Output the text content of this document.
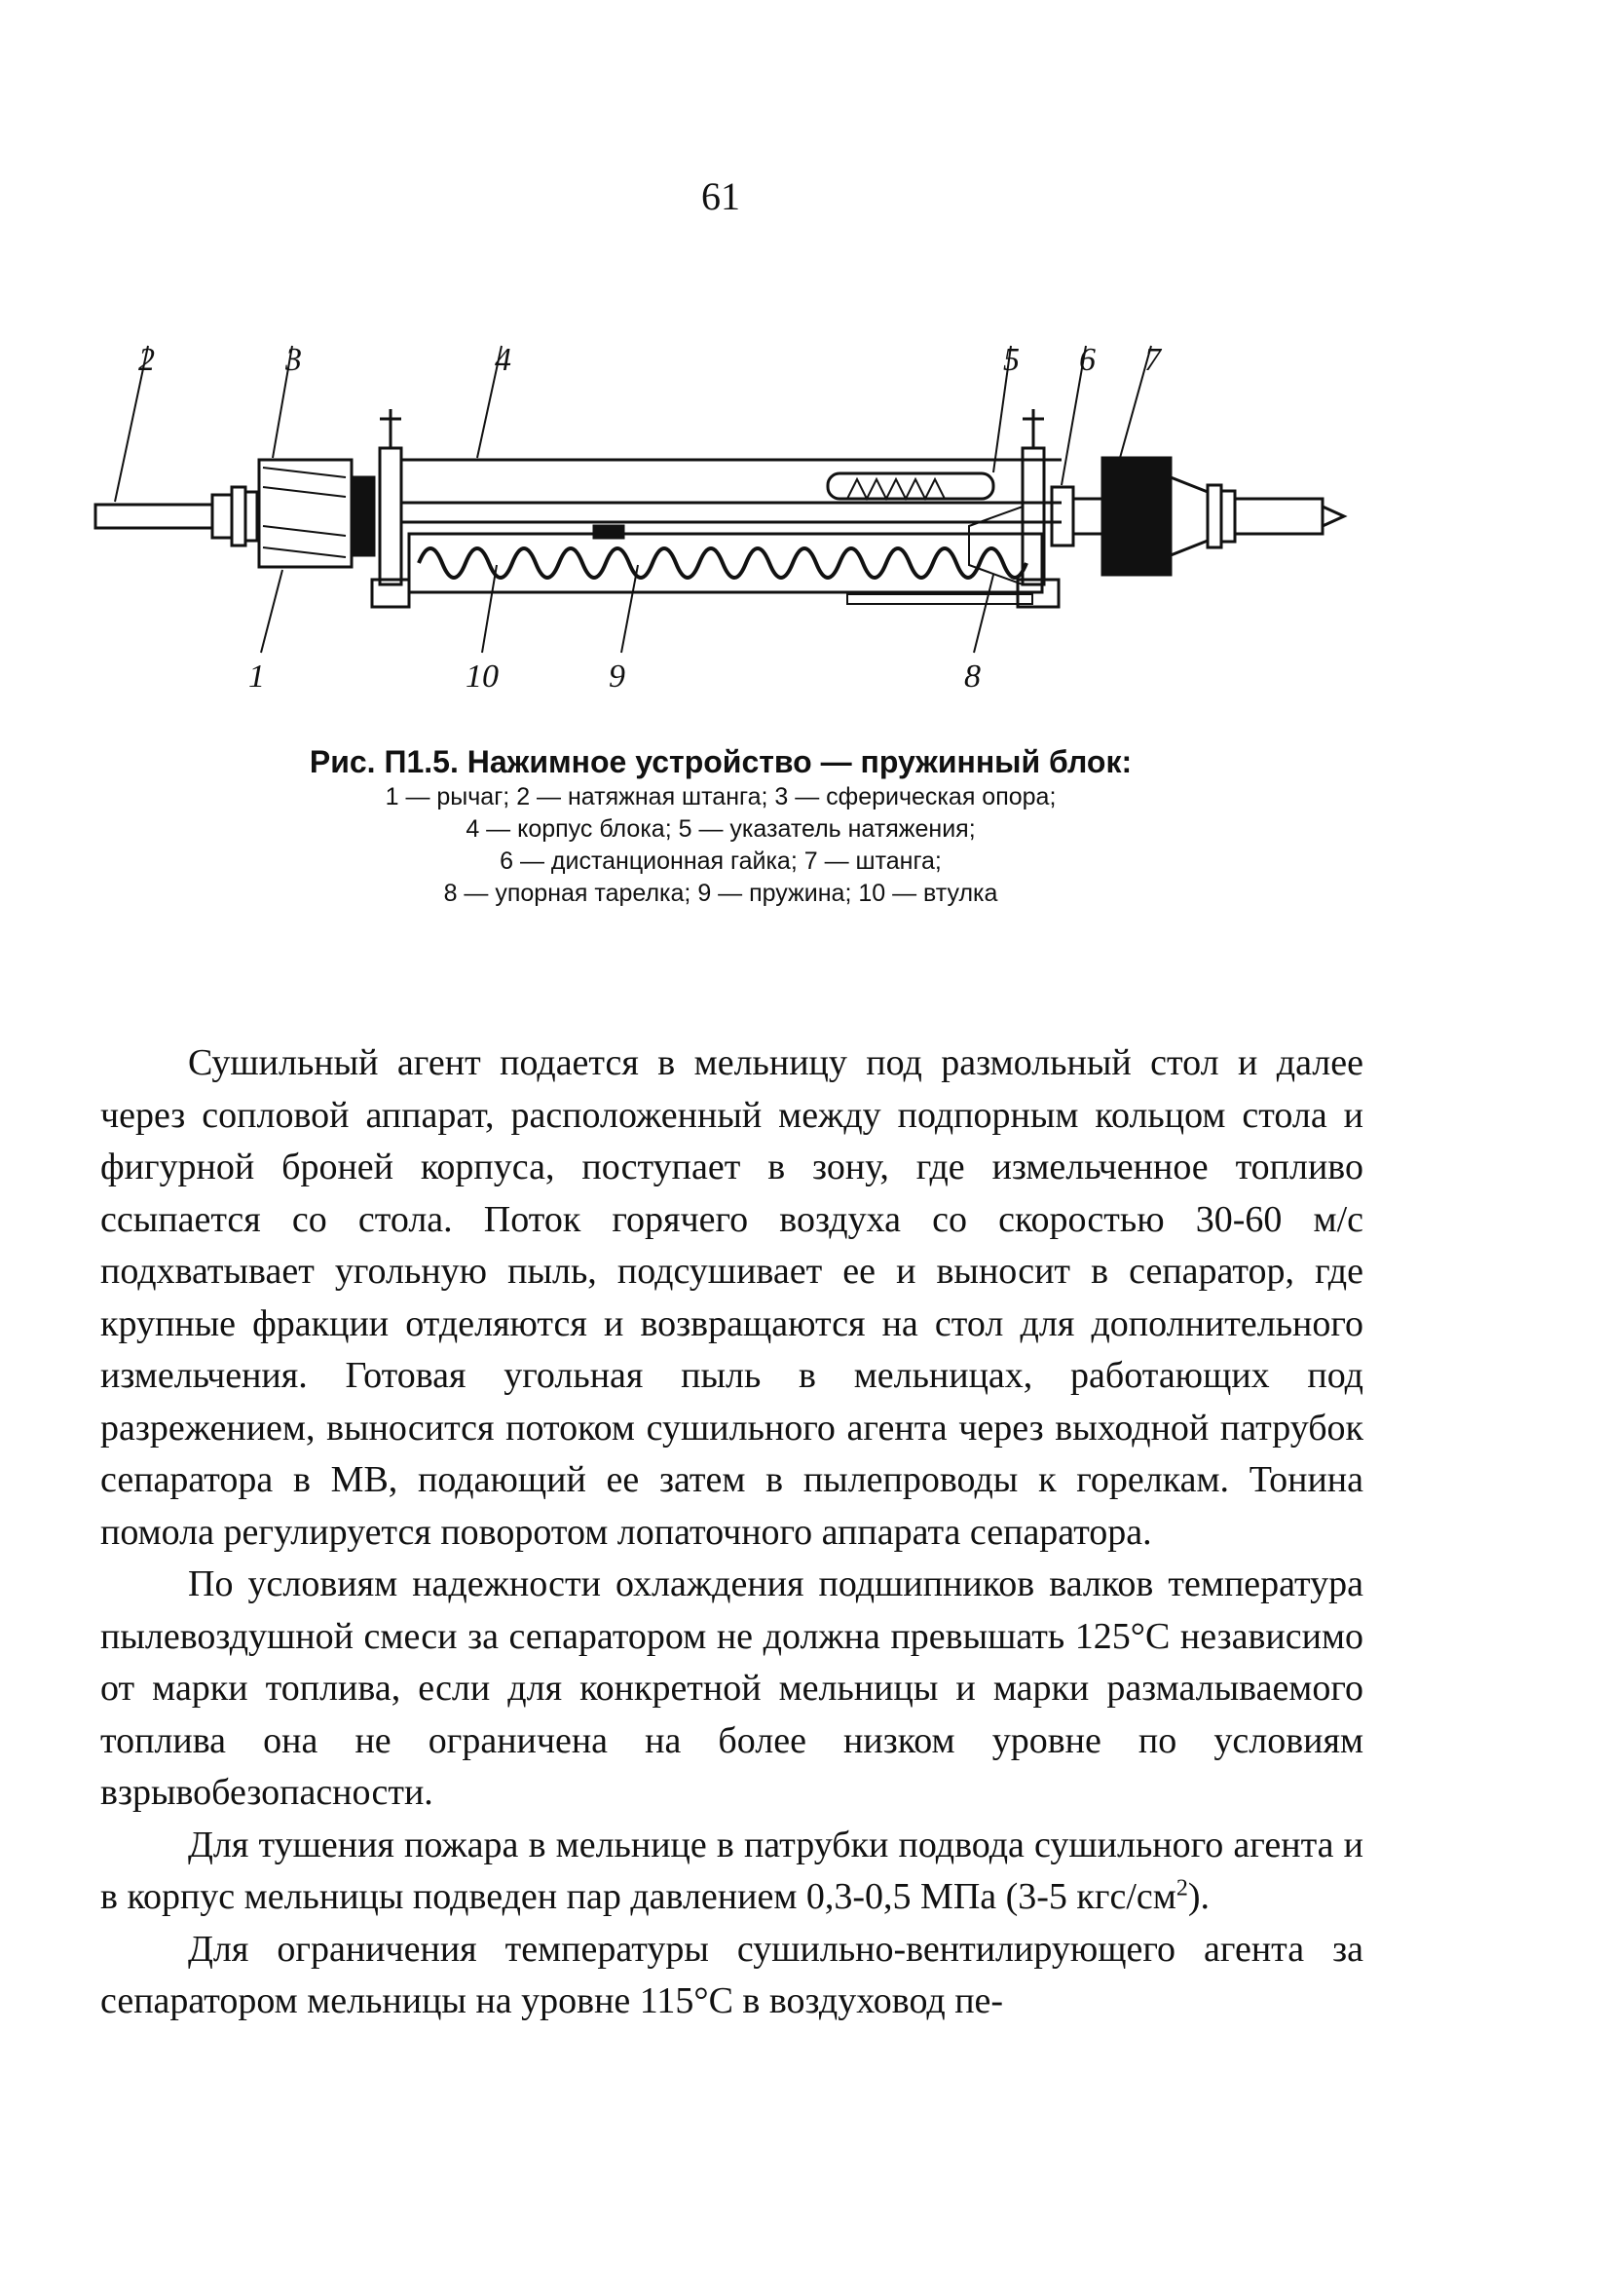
61
2	3	4	5 6 7
1	10	9	8
Рис. П1.5. Нажимное устройство — пружинный блок:
1 — рычаг; 2 — натяжная штанга; 3 — сферическая опора;
4 — корпус блока; 5 — указатель натяжения;
6 — дистанционная гайка; 7 — штанга;
8 — упорная тарелка; 9 — пружина; 10 — втулка

Сушильный агент подается в мельницу под размольный стол и далее через сопловой аппарат, расположенный между подпорным кольцом стола и фигурной броней корпуса, поступает в зону, где измельченное топливо ссыпается со стола. Поток горячего воздуха со скоростью 30-60 м/с подхватывает угольную пыль, подсушивает ее и выносит в сепаратор, где крупные фракции отделяются и возвращаются на стол для дополнительного измельчения. Готовая угольная пыль в мельницах, работающих под разрежением, выносится потоком сушильного агента через выходной патрубок сепаратора в МВ, подающий ее затем в пылепроводы к горелкам. Тонина помола регулируется поворотом лопаточного аппарата сепаратора.

По условиям надежности охлаждения подшипников валков температура пылевоздушной смеси за сепаратором не должна превышать 125°С независимо от марки топлива, если для конкретной мельницы и марки размалываемого топлива она не ограничена на более низком уровне по условиям взрывобезопасности.

Для тушения пожара в мельнице в патрубки подвода сушильного агента и в корпус мельницы подведен пар давлением 0,3-0,5 МПа (3-5 кгс/$см^2$).

Для ограничения температуры сушильно-вентилирующего агента за сепаратором мельницы на уровне 115°С в воздуховод пе-
